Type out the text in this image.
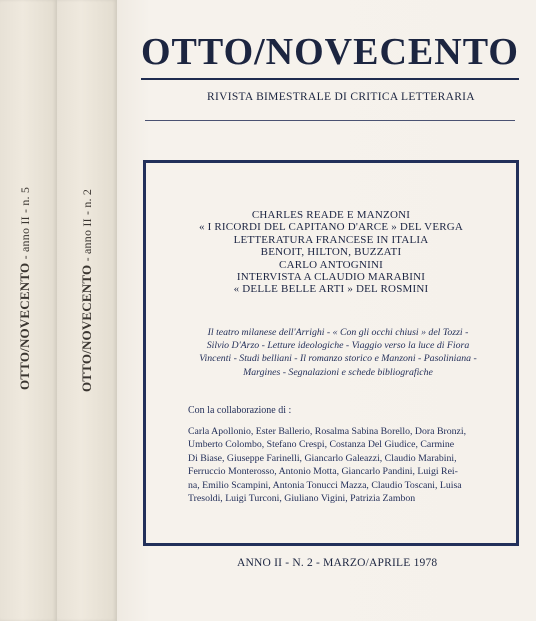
OTTO/NOVECENTO - anno II - n. 5
OTTO/NOVECENTO - anno II - n. 2
OTTO/NOVECENTO
RIVISTA BIMESTRALE DI CRITICA LETTERARIA
CHARLES READE E MANZONI
« I RICORDI DEL CAPITANO D'ARCE » DEL VERGA
LETTERATURA FRANCESE IN ITALIA
BENOIT, HILTON, BUZZATI
CARLO ANTOGNINI
INTERVISTA A CLAUDIO MARABINI
« DELLE BELLE ARTI » DEL ROSMINI
Il teatro milanese dell'Arrighi - « Con gli occhi chiusi » del Tozzi -
Silvio D'Arzo - Letture ideologiche - Viaggio verso la luce di Fiora
Vincenti - Studi belliani - Il romanzo storico e Manzoni - Pasoliniana -
Margines - Segnalazioni e schede bibliografiche
Con la collaborazione di :
Carla Apollonio, Ester Ballerio, Rosalma Sabina Borello, Dora Bronzi,
Umberto Colombo, Stefano Crespi, Costanza Del Giudice, Carmine
Di Biase, Giuseppe Farinelli, Giancarlo Galeazzi, Claudio Marabini,
Ferruccio Monterosso, Antonio Motta, Giancarlo Pandini, Luigi Rei-
na, Emilio Scampini, Antonia Tonucci Mazza, Claudio Toscani, Luisa
Tresoldi, Luigi Turconi, Giuliano Vigini, Patrizia Zambon
ANNO II - N. 2 - MARZO/APRILE 1978
